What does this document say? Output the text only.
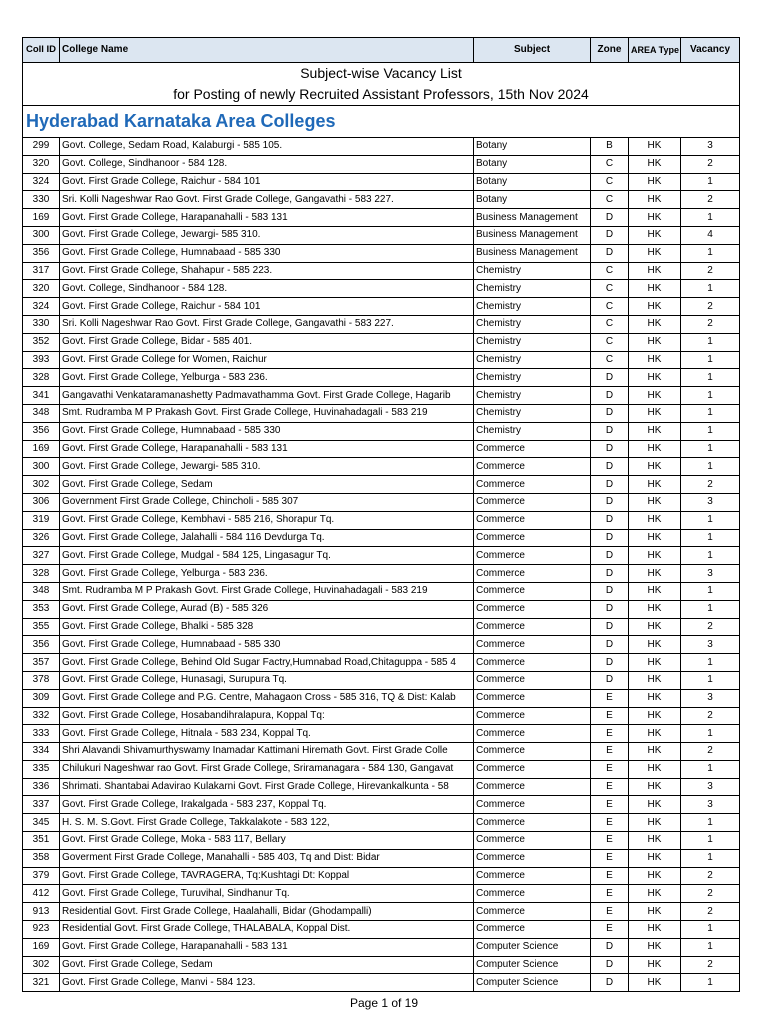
Subject-wise Vacancy List					
for Posting of newly Recruited Assistant Professors, 15th Nov 2024					
Coll ID	College Name	Subject	Zone	AREA Type	Vacancy
Hyderabad Karnataka Area Colleges					
299	Govt. College, Sedam Road, Kalaburgi - 585 105.	Botany	B	HK	3
320	Govt. College, Sindhanoor - 584 128.	Botany	C	HK	2
324	Govt. First Grade College, Raichur - 584 101	Botany	C	HK	1
330	Sri. Kolli Nageshwar Rao Govt. First Grade College, Gangavathi - 583 227.	Botany	C	HK	2
169	Govt. First Grade College, Harapanahalli - 583 131	Business Management	D	HK	1
300	Govt. First Grade College, Jewargi- 585 310.	Business Management	D	HK	4
356	Govt. First Grade College, Humnabaad - 585 330	Business Management	D	HK	1
317	Govt. First Grade College, Shahapur - 585 223.	Chemistry	C	HK	2
320	Govt. College, Sindhanoor - 584 128.	Chemistry	C	HK	1
324	Govt. First Grade College, Raichur - 584 101	Chemistry	C	HK	2
330	Sri. Kolli Nageshwar Rao Govt. First Grade College, Gangavathi - 583 227.	Chemistry	C	HK	2
352	Govt. First Grade College, Bidar - 585 401.	Chemistry	C	HK	1
393	Govt. First Grade College for Women, Raichur	Chemistry	C	HK	1
328	Govt. First Grade College, Yelburga - 583 236.	Chemistry	D	HK	1
341	Gangavathi Venkataramanashetty Padmavathamma Govt. First Grade College, Hagarib	Chemistry	D	HK	1
348	Smt. Rudramba M P Prakash Govt. First Grade College, Huvinahadagali - 583 219	Chemistry	D	HK	1
356	Govt. First Grade College, Humnabaad - 585 330	Chemistry	D	HK	1
169	Govt. First Grade College, Harapanahalli - 583 131	Commerce	D	HK	1
300	Govt. First Grade College, Jewargi- 585 310.	Commerce	D	HK	1
302	Govt. First Grade College, Sedam	Commerce	D	HK	2
306	Government First Grade College, Chincholi - 585 307	Commerce	D	HK	3
319	Govt. First Grade College, Kembhavi - 585 216, Shorapur Tq.	Commerce	D	HK	1
326	Govt. First Grade College, Jalahalli - 584 116 Devdurga Tq.	Commerce	D	HK	1
327	Govt. First Grade College, Mudgal - 584 125, Lingasagur Tq.	Commerce	D	HK	1
328	Govt. First Grade College, Yelburga - 583 236.	Commerce	D	HK	3
348	Smt. Rudramba M P Prakash Govt. First Grade College, Huvinahadagali - 583 219	Commerce	D	HK	1
353	Govt. First Grade College, Aurad (B) - 585 326	Commerce	D	HK	1
355	Govt. First Grade College, Bhalki - 585 328	Commerce	D	HK	2
356	Govt. First Grade College, Humnabaad - 585 330	Commerce	D	HK	3
357	Govt. First Grade College, Behind Old Sugar Factry,Humnabad Road,Chitaguppa - 585 4	Commerce	D	HK	1
378	Govt. First Grade College, Hunasagi, Surupura Tq.	Commerce	D	HK	1
309	Govt. First Grade College and P.G. Centre, Mahagaon Cross - 585 316, TQ & Dist: Kalab	Commerce	E	HK	3
332	Govt. First Grade College, Hosabandihralapura, Koppal Tq:	Commerce	E	HK	2
333	Govt. First Grade College, Hitnala - 583 234, Koppal Tq.	Commerce	E	HK	1
334	Shri Alavandi Shivamurthyswamy Inamadar Kattimani Hiremath Govt. First Grade Colle	Commerce	E	HK	2
335	Chilukuri Nageshwar rao Govt. First Grade College, Sriramanagara - 584 130, Gangavat	Commerce	E	HK	1
336	Shrimati. Shantabai Adavirao Kulakarni Govt. First Grade College, Hirevankalkunta - 58	Commerce	E	HK	3
337	Govt. First Grade College, Irakalgada - 583 237, Koppal Tq.	Commerce	E	HK	3
345	H. S. M. S.Govt. First Grade College, Takkalakote - 583 122,	Commerce	E	HK	1
351	Govt. First Grade College, Moka - 583 117, Bellary	Commerce	E	HK	1
358	Goverment First Grade College, Manahalli - 585 403, Tq and Dist: Bidar	Commerce	E	HK	1
379	Govt. First Grade College, TAVRAGERA, Tq:Kushtagi Dt: Koppal	Commerce	E	HK	2
412	Govt. First Grade College, Turuvihal, Sindhanur Tq.	Commerce	E	HK	2
913	Residential Govt. First Grade College, Haalahalli, Bidar (Ghodampalli)	Commerce	E	HK	2
923	Residential Govt. First Grade College, THALABALA, Koppal Dist.	Commerce	E	HK	1
169	Govt. First Grade College, Harapanahalli - 583 131	Computer Science	D	HK	1
302	Govt. First Grade College, Sedam	Computer Science	D	HK	2
321	Govt. First Grade College, Manvi - 584 123.	Computer Science	D	HK	1
Page 1 of 19
